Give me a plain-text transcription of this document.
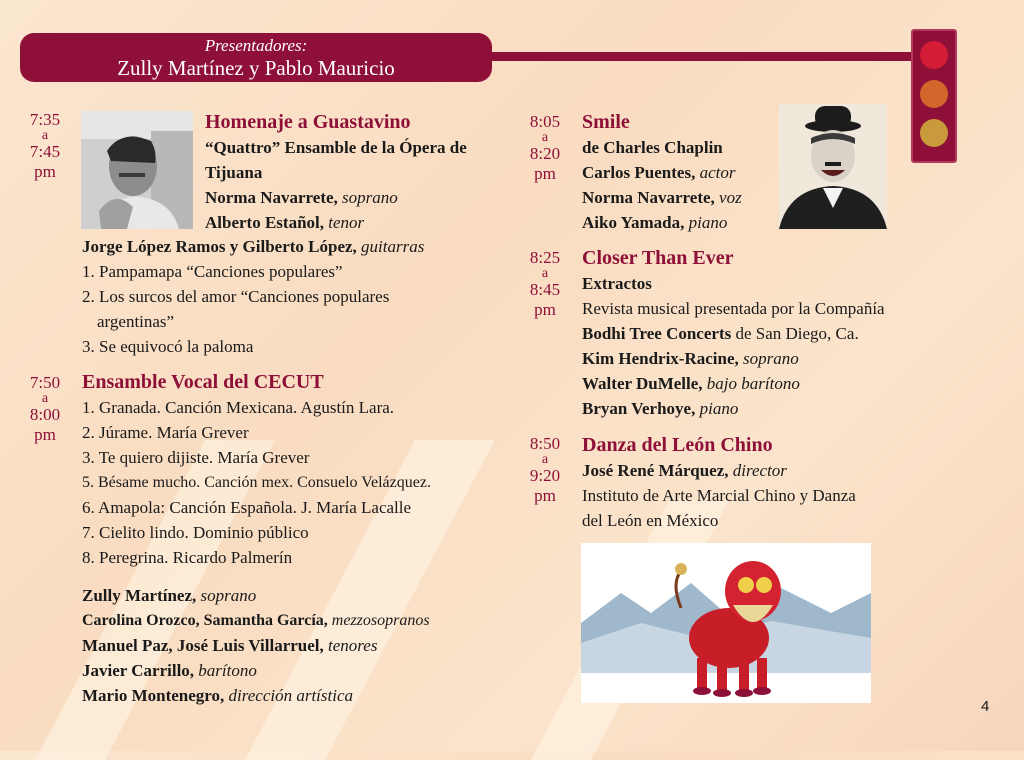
Presentadores:
Zully Martínez y Pablo Mauricio
7:35
a
7:45
pm
Homenaje a Guastavino
“Quattro” Ensamble de la Ópera de Tijuana
Norma Navarrete, soprano
Alberto Estañol, tenor
Jorge López Ramos y Gilberto López, guitarras
1. Pampamapa “Canciones populares”
2. Los surcos del amor “Canciones populares
argentinas”
3. Se equivocó la paloma
7:50
a
8:00
pm
Ensamble Vocal del CECUT
1. Granada. Canción Mexicana. Agustín Lara.
2. Júrame. María Grever
3. Te quiero dijiste. María Grever
5. Bésame mucho. Canción mex. Consuelo Velázquez.
6. Amapola: Canción Española. J. María Lacalle
7. Cielito lindo. Dominio público
8. Peregrina. Ricardo Palmerín
Zully Martínez, soprano
Carolina Orozco, Samantha García, mezzosopranos
Manuel Paz, José Luis Villarruel, tenores
Javier Carrillo, barítono
Mario Montenegro, dirección artística
8:05
a
8:20
pm
Smile
de Charles Chaplin
Carlos Puentes, actor
Norma Navarrete, voz
Aiko Yamada, piano
8:25
a
8:45
pm
Closer Than Ever
Extractos
Revista musical presentada por la Compañía
Bodhi Tree Concerts de San Diego, Ca.
Kim Hendrix-Racine, soprano
Walter DuMelle, bajo barítono
Bryan Verhoye, piano
8:50
a
9:20
pm
Danza del León Chino
José René Márquez, director
Instituto de Arte Marcial Chino y Danza
del León en México
4
